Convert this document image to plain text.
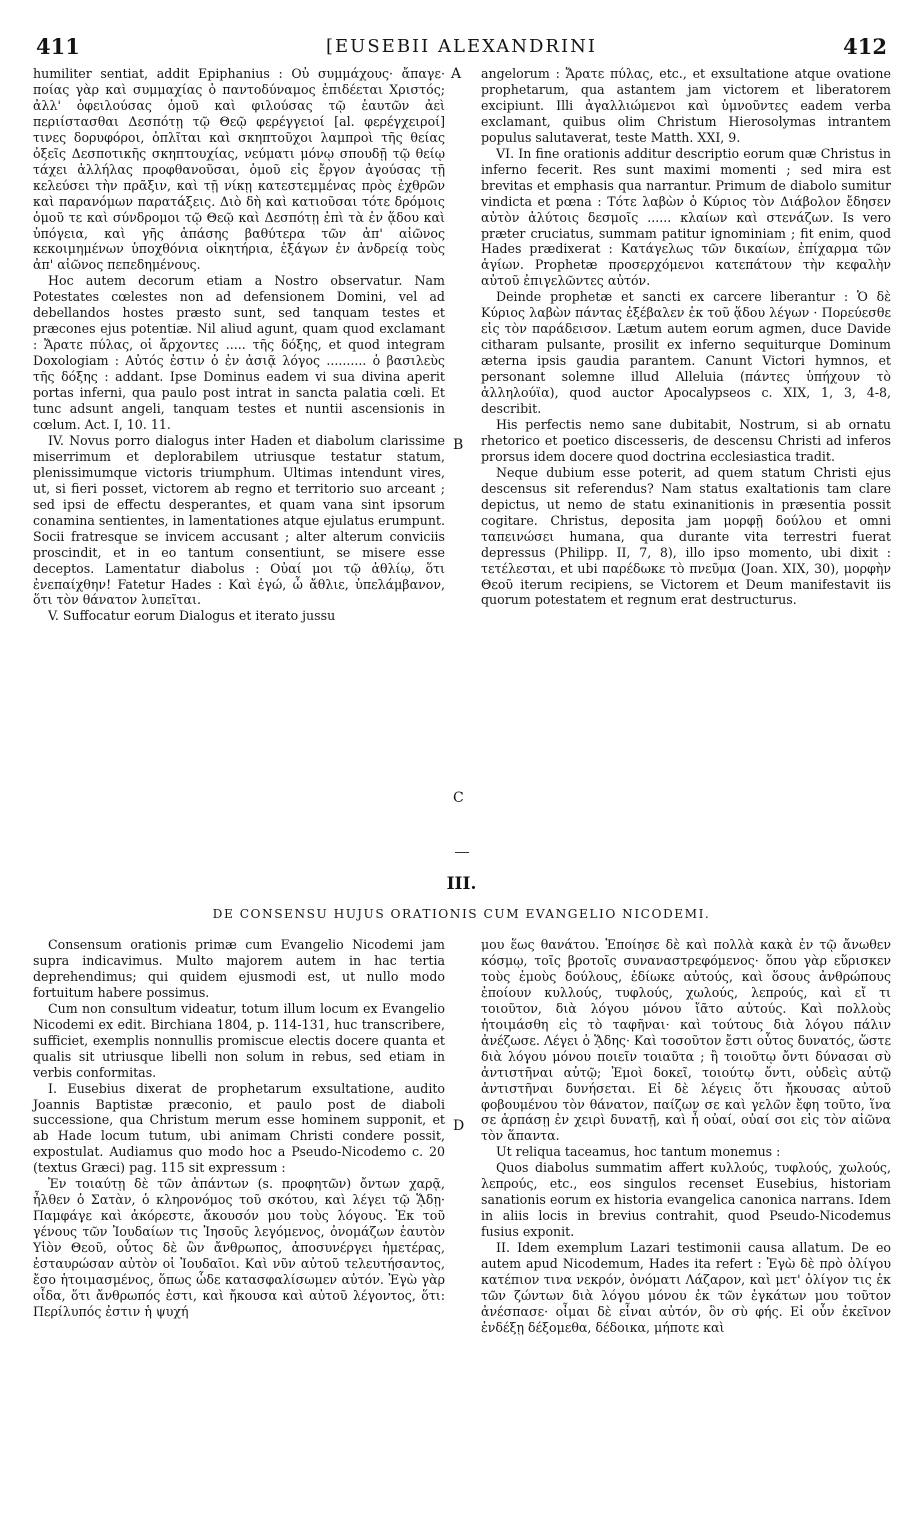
411	[EUSEBII ALEXANDRINI	412

humiliter sentiat, addit Epiphanius : Οὐ συμμάχους· ἄπαγε· ποίας γὰρ καὶ συμμαχίας ὁ παντοδύναμος ἐπιδέεται Χριστός; ἀλλ' ὀφειλούσας ὁμοῦ καὶ φιλούσας τῷ ἑαυτῶν ἀεὶ περιίστασθαι Δεσπότῃ τῷ Θεῷ φερέγγειοί [al. φερέγχειροί] τινες δορυφόροι, ὁπλῖται καὶ σκηπτοῦχοι λαμπροὶ τῆς θείας ὀξεῖς Δεσποτικῆς σκηπτουχίας, νεύματι μόνῳ σπουδῇ τῷ θείῳ τάχει ἀλλήλας προφθανοῦσαι, ὁμοῦ εἰς ἔργον ἀγούσας τῇ κελεύσει τὴν πρᾶξιν, καὶ τῇ νίκῃ κατεστεμμένας πρὸς ἐχθρῶν καὶ παρανόμων παρατάξεις. Διὸ δὴ καὶ κατιοῦσαι τότε δρόμοις ὁμοῦ τε καὶ σύνδρομοι τῷ Θεῷ καὶ Δεσπότῃ ἐπὶ τὰ ἐν ᾅδου καὶ ὑπόγεια, καὶ γῆς ἁπάσης βαθύτερα τῶν ἀπ' αἰῶνος κεκοιμημένων ὑποχθόνια οἰκητήρια, ἐξάγων ἐν ἀνδρείᾳ τοὺς ἀπ' αἰῶνος πεπεδημένους.

Hoc autem decorum etiam a Nostro observatur. Nam Potestates cœlestes non ad defensionem Domini, vel ad debellandos hostes præsto sunt, sed tanquam testes et præcones ejus potentiæ. Nil aliud agunt, quam quod exclamant : Ἄρατε πύλας, οἱ ἄρχοντες ..... τῆς δόξης, et quod integram Doxologiam : Αὐτός ἐστιν ὁ ἐν ἀσιᾷ λόγος .......... ὁ βασιλεὺς τῆς δόξης : addant. Ipse Dominus eadem vi sua divina aperit portas inferni, qua paulo post intrat in sancta palatia cœli. Et tunc adsunt angeli, tanquam testes et nuntii ascensionis in cœlum. Act. I, 10. 11.

IV. Novus porro dialogus inter Haden et diabolum clarissime miserrimum et deplorabilem utriusque testatur statum, plenissimumque victoris triumphum. Ultimas intendunt vires, ut, si fieri posset, victorem ab regno et territorio suo arceant ; sed ipsi de effectu desperantes, et quam vana sint ipsorum conamina sentientes, in lamentationes atque ejulatus erumpunt. Socii fratresque se invicem accusant ; alter alterum conviciis proscindit, et in eo tantum consentiunt, se misere esse deceptos. Lamentatur diabolus : Οὐαί μοι τῷ ἀθλίῳ, ὅτι ἐνεπαίχθην! Fatetur Hades : Καὶ ἐγώ, ὦ ἄθλιε, ὑπελάμβανον, ὅτι τὸν θάνατον λυπεῖται.

V. Suffocatur eorum Dialogus et iterato jussu

angelorum : Ἄρατε πύλας, etc., et exsultatione atque ovatione prophetarum, qua astantem jam victorem et liberatorem excipiunt. Illi ἀγαλλιώμενοι καὶ ὑμνοῦντες eadem verba exclamant, quibus olim Christum Hierosolymas intrantem populus salutaverat, teste Matth. XXI, 9.

VI. In fine orationis additur descriptio eorum quæ Christus in inferno fecerit. Res sunt maximi momenti ; sed mira est brevitas et emphasis qua narrantur. Primum de diabolo sumitur vindicta et pœna : Τότε λαβὼν ὁ Κύριος τὸν Διάβολον ἔδησεν αὐτὸν ἀλύτοις δεσμοῖς ...... κλαίων καὶ στενάζων. Is vero præter cruciatus, summam patitur ignominiam ; fit enim, quod Hades prædixerat : Κατάγελως τῶν δικαίων, ἐπίχαρμα τῶν ἁγίων. Prophetæ προσερχόμενοι κατεπάτουν τὴν κεφαλὴν αὐτοῦ ἐπιγελῶντες αὐτόν.

Deinde prophetæ et sancti ex carcere liberantur : Ὁ δὲ Κύριος λαβὼν πάντας ἐξέβαλεν ἐκ τοῦ ᾅδου λέγων · Πορεύεσθε εἰς τὸν παράδεισον. Lætum autem eorum agmen, duce Davide citharam pulsante, prosilit ex inferno sequiturque Dominum æterna ipsis gaudia parantem. Canunt Victori hymnos, et personant solemne illud Alleluia (πάντες ὑπήχουν τὸ ἀλληλούϊα), quod auctor Apocalypseos c. XIX, 1, 3, 4-8, describit.

His perfectis nemo sane dubitabit, Nostrum, si ab ornatu rhetorico et poetico discesseris, de descensu Christi ad inferos prorsus idem docere quod doctrina ecclesiastica tradit.

Neque dubium esse poterit, ad quem statum Christi ejus descensus sit referendus? Nam status exaltationis tam clare depictus, ut nemo de statu exinanitionis in præsentia possit cogitare. Christus, deposita jam μορφῇ δούλου et omni ταπεινώσει humana, qua durante vita terrestri fuerat depressus (Philipp. II, 7, 8), illo ipso momento, ubi dixit : τετέλεσται, et ubi παρέδωκε τὸ πνεῦμα (Joan. XIX, 30), μορφὴν Θεοῦ iterum recipiens, se Victorem et Deum manifestavit iis quorum potestatem et regnum erat destructurus.

A
B
C
D
III.
DE CONSENSU HUJUS ORATIONIS CUM EVANGELIO NICODEMI.

Consensum orationis primæ cum Evangelio Nicodemi jam supra indicavimus. Multo majorem autem in hac tertia deprehendimus; qui quidem ejusmodi est, ut nullo modo fortuitum habere possimus.

Cum non consultum videatur, totum illum locum ex Evangelio Nicodemi ex edit. Birchiana 1804, p. 114-131, huc transcribere, sufficiet, exemplis nonnullis promiscue electis docere quanta et qualis sit utriusque libelli non solum in rebus, sed etiam in verbis conformitas.

I. Eusebius dixerat de prophetarum exsultatione, audito Joannis Baptistæ præconio, et paulo post de diaboli successione, qua Christum merum esse hominem supponit, et ab Hade locum tutum, ubi animam Christi condere possit, expostulat. Audiamus quo modo hoc a Pseudo-Nicodemo c. 20 (textus Græci) pag. 115 sit expressum :

Ἐν τοιαύτῃ δὲ τῶν ἁπάντων (s. προφητῶν) ὄντων χαρᾷ, ἦλθεν ὁ Σατὰν, ὁ κληρονόμος τοῦ σκότου, καὶ λέγει τῷ ᾍδῃ· Παμφάγε καὶ ἀκόρεστε, ἄκουσόν μου τοὺς λόγους. Ἐκ τοῦ γένους τῶν Ἰουδαίων τις Ἰησοῦς λεγόμενος, ὀνομάζων ἑαυτὸν Υἱὸν Θεοῦ, οὗτος δὲ ὢν ἄνθρωπος, ἀποσυνέργει ἡμετέρας, ἐσταυρώσαν αὐτὸν οἱ Ἰουδαῖοι. Καὶ νῦν αὐτοῦ τελευτήσαντος, ἔσο ἡτοιμασμένος, ὅπως ὧδε κατασφαλίσωμεν αὐτόν. Ἐγὼ γὰρ οἶδα, ὅτι ἄνθρωπός ἐστι, καὶ ἤκουσα καὶ αὐτοῦ λέγοντος, ὅτι: Περίλυπός ἐστιν ἡ ψυχή

μου ἕως θανάτου. Ἐποίησε δὲ καὶ πολλὰ κακὰ ἐν τῷ ἄνωθεν κόσμῳ, τοῖς βροτοῖς συναναστρεφόμενος· ὅπου γὰρ εὕρισκεν τοὺς ἐμοὺς δούλους, ἐδίωκε αὐτούς, καὶ ὅσους ἀνθρώπους ἐποίουν κυλλούς, τυφλούς, χωλούς, λεπρούς, καὶ εἴ τι τοιοῦτον, διὰ λόγου μόνου ἴᾶτο αὐτούς. Καὶ πολλοὺς ἡτοιμάσθη εἰς τὸ ταφῆναι· καὶ τούτους διὰ λόγου πάλιν ἀνέζωσε. Λέγει ὁ ᾍδης· Καὶ τοσοῦτον ἔστι οὗτος δυνατός, ὥστε διὰ λόγου μόνου ποιεῖν τοιαῦτα ; ἢ τοιοῦτῳ ὄντι δύνασαι σὺ ἀντιστῆναι αὐτῷ; Ἐμοὶ δοκεῖ, τοιούτῳ ὄντι, οὐδεὶς αὐτῷ ἀντιστῆναι δυνήσεται. Εἰ δὲ λέγεις ὅτι ἤκουσας αὐτοῦ φοβουμένου τὸν θάνατον, παίζων σε καὶ γελῶν ἔφη τοῦτο, ἵνα σε ἁρπάσῃ ἐν χειρὶ δυνατῇ, καὶ ἦ οὐαί, οὐαί σοι εἰς τὸν αἰῶνα τὸν ἅπαντα.

Ut reliqua taceamus, hoc tantum monemus :

Quos diabolus summatim affert κυλλούς, τυφλούς, χωλούς, λεπρούς, etc., eos singulos recenset Eusebius, historiam sanationis eorum ex historia evangelica canonica narrans. Idem in aliis locis in brevius contrahit, quod Pseudo-Nicodemus fusius exponit.

II. Idem exemplum Lazari testimonii causa allatum. De eo autem apud Nicodemum, Hades ita refert : Ἐγὼ δὲ πρὸ ὀλίγου κατέπιον τινα νεκρόν, ὀνόματι Λάζαρον, καὶ μετ' ὀλίγον τις ἐκ τῶν ζώντων διὰ λόγου μόνου ἐκ τῶν ἐγκάτων μου τοῦτον ἀνέσπασε· οἶμαι δὲ εἶναι αὐτόν, ὃν σὺ φής. Εἰ οὖν ἐκεῖνον ἐνδέξῃ δέξομεθα, δέδοικα, μήποτε καὶ
